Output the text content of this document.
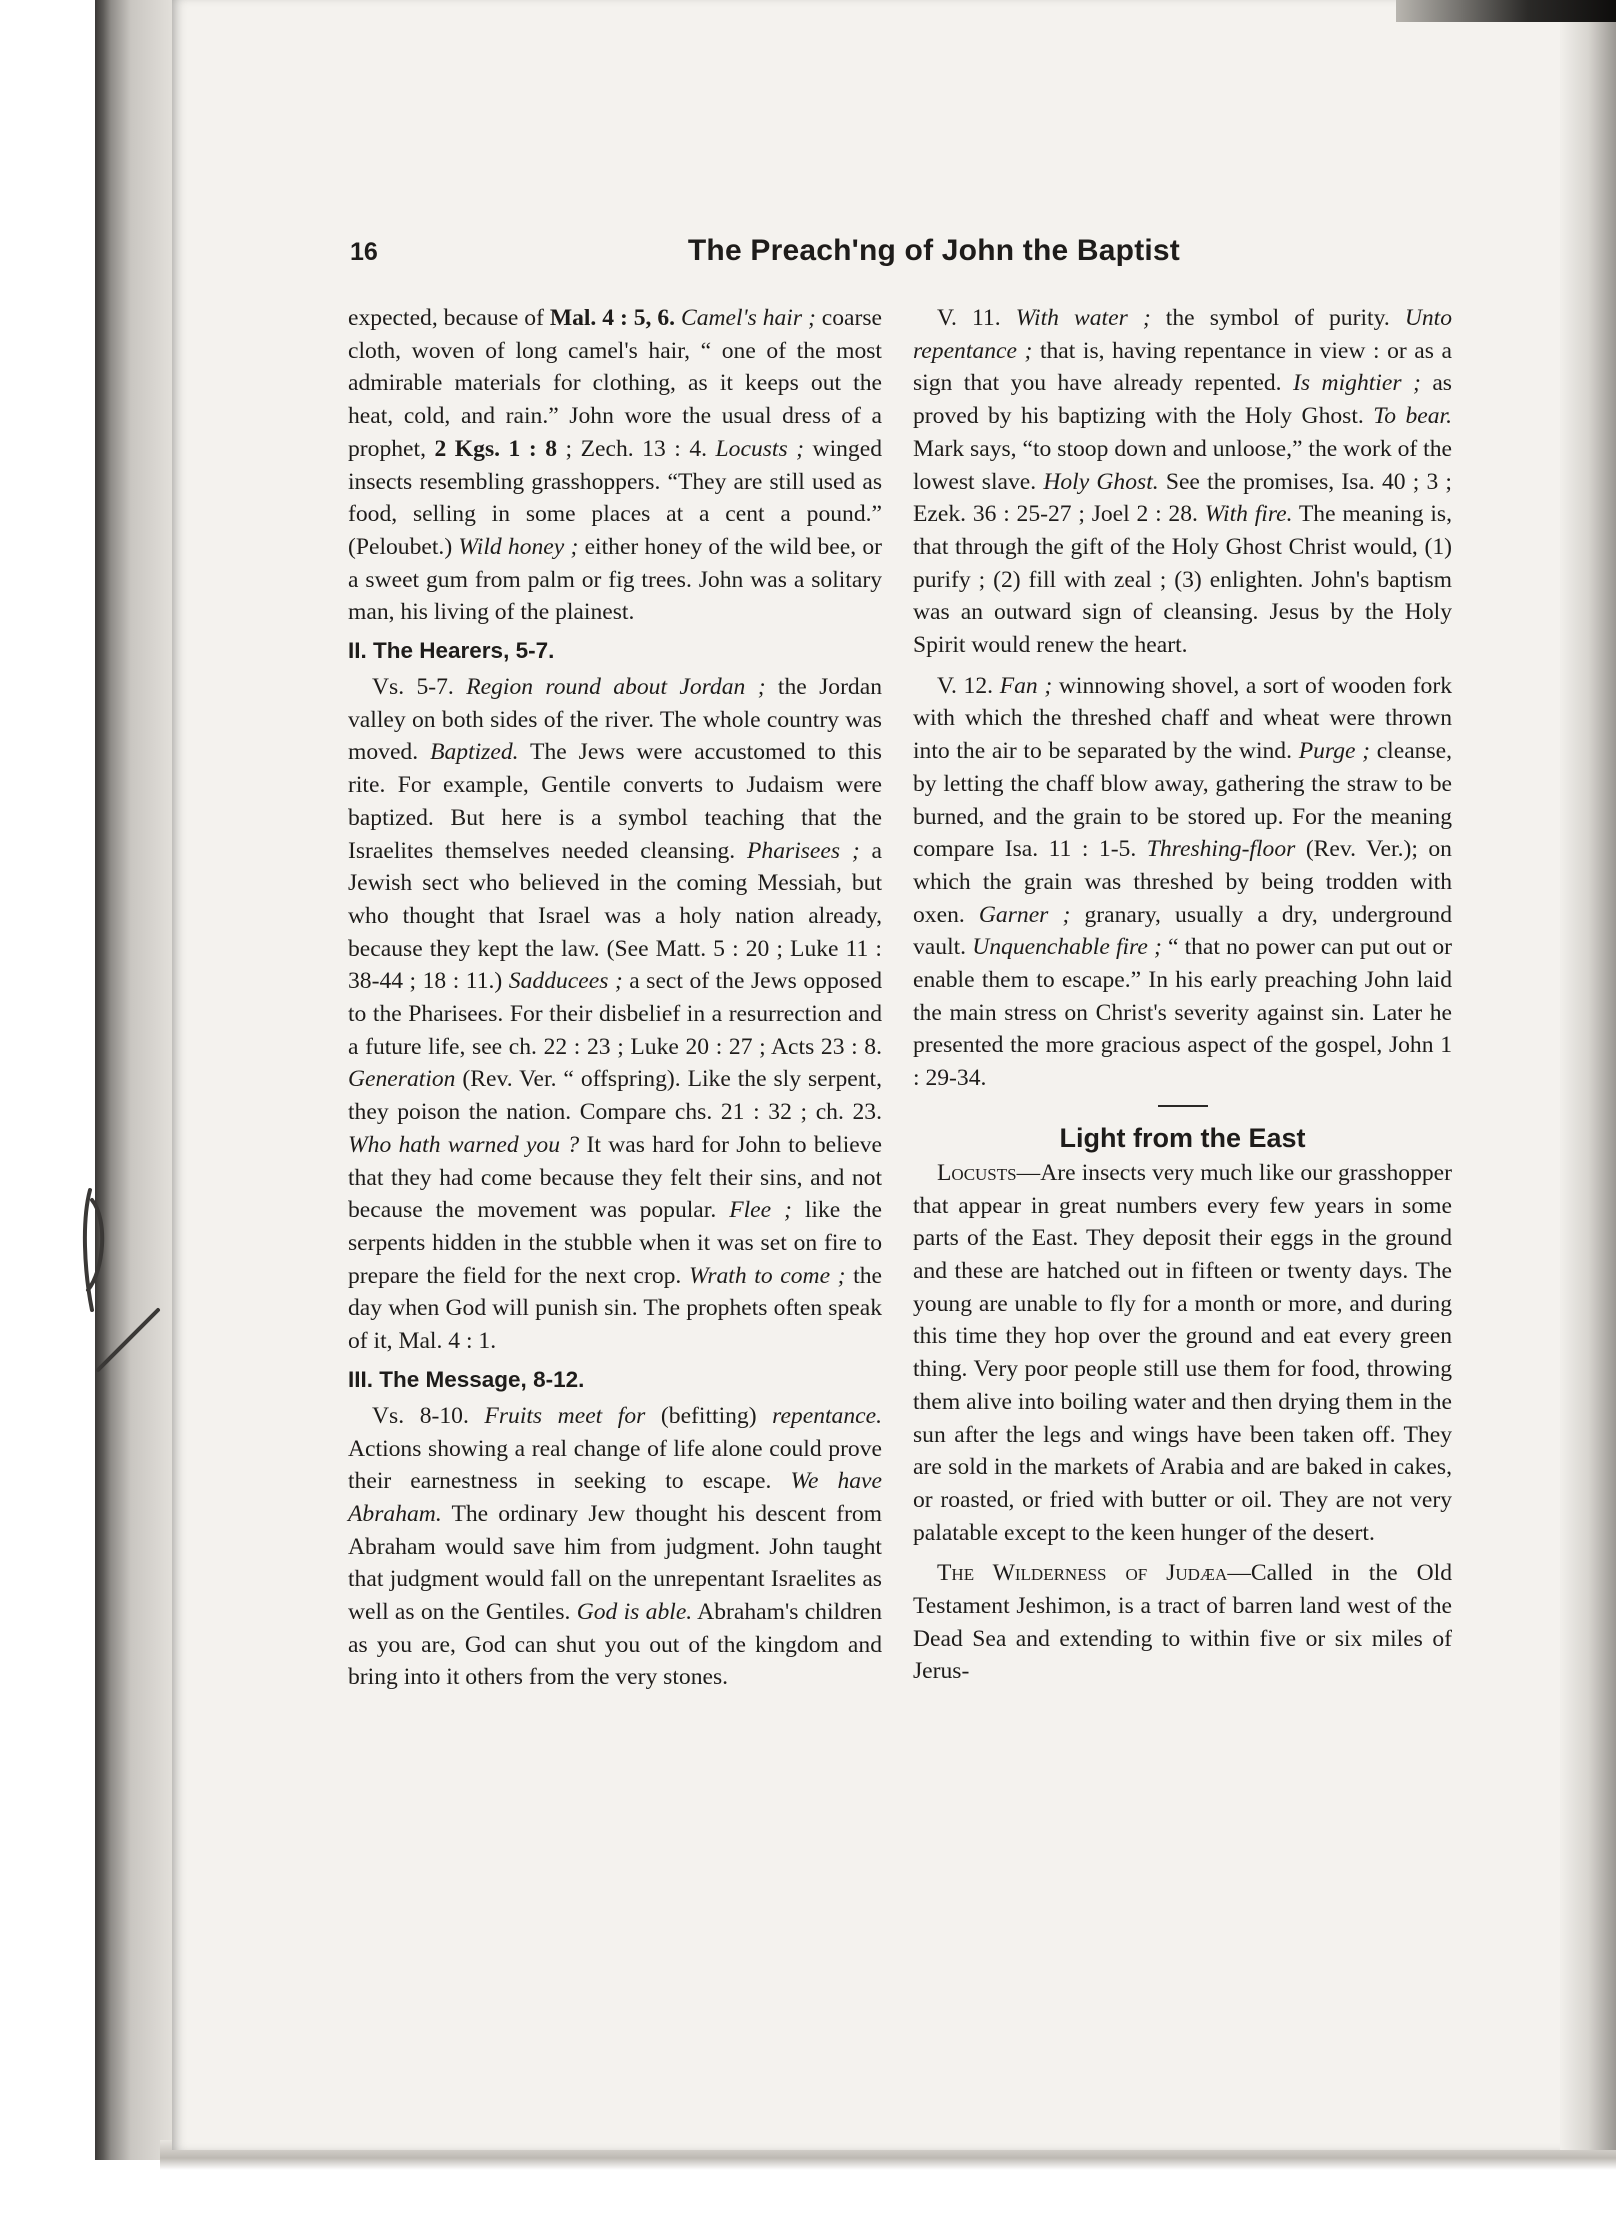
16	The Preach'ng of John the Baptist

expected, because of Mal. 4 : 5, 6. Camel's hair ; coarse cloth, woven of long camel's hair, “ one of the most admirable materials for clothing, as it keeps out the heat, cold, and rain.” John wore the usual dress of a prophet, 2 Kgs. 1 : 8 ; Zech. 13 : 4. Locusts ; winged insects resembling grasshoppers. “They are still used as food, selling in some places at a cent a pound.” (Peloubet.) Wild honey ; either honey of the wild bee, or a sweet gum from palm or fig trees. John was a solitary man, his living of the plainest.

II. The Hearers, 5-7.

Vs. 5-7. Region round about Jordan ; the Jordan valley on both sides of the river. The whole country was moved. Baptized. The Jews were accustomed to this rite. For example, Gentile converts to Judaism were baptized. But here is a symbol teaching that the Israelites themselves needed cleansing. Pharisees ; a Jewish sect who believed in the coming Messiah, but who thought that Israel was a holy nation already, because they kept the law. (See Matt. 5 : 20 ; Luke 11 : 38-44 ; 18 : 11.) Sadducees ; a sect of the Jews opposed to the Pharisees. For their disbelief in a resurrection and a future life, see ch. 22 : 23 ; Luke 20 : 27 ; Acts 23 : 8. Generation (Rev. Ver. “ offspring). Like the sly serpent, they poison the nation. Compare chs. 21 : 32 ; ch. 23. Who hath warned you ? It was hard for John to believe that they had come because they felt their sins, and not because the movement was popular. Flee ; like the serpents hidden in the stubble when it was set on fire to prepare the field for the next crop. Wrath to come ; the day when God will punish sin. The prophets often speak of it, Mal. 4 : 1.

III. The Message, 8-12.

Vs. 8-10. Fruits meet for (befitting) repentance. Actions showing a real change of life alone could prove their earnestness in seeking to escape. We have Abraham. The ordinary Jew thought his descent from Abraham would save him from judgment. John taught that judgment would fall on the unrepentant Israelites as well as on the Gentiles. God is able. Abraham's children as you are, God can shut you out of the kingdom and bring into it others from the very stones.

V. 11. With water ; the symbol of purity. Unto repentance ; that is, having repentance in view : or as a sign that you have already repented. Is mightier ; as proved by his baptizing with the Holy Ghost. To bear. Mark says, “to stoop down and unloose,” the work of the lowest slave. Holy Ghost. See the promises, Isa. 40 ; 3 ; Ezek. 36 : 25-27 ; Joel 2 : 28. With fire. The meaning is, that through the gift of the Holy Ghost Christ would, (1) purify ; (2) fill with zeal ; (3) enlighten. John's baptism was an outward sign of cleansing. Jesus by the Holy Spirit would renew the heart.

V. 12. Fan ; winnowing shovel, a sort of wooden fork with which the threshed chaff and wheat were thrown into the air to be separated by the wind. Purge ; cleanse, by letting the chaff blow away, gathering the straw to be burned, and the grain to be stored up. For the meaning compare Isa. 11 : 1-5. Threshing-floor (Rev. Ver.); on which the grain was threshed by being trodden with oxen. Garner ; granary, usually a dry, underground vault. Unquenchable fire ; “ that no power can put out or enable them to escape.” In his early preaching John laid the main stress on Christ's severity against sin. Later he presented the more gracious aspect of the gospel, John 1 : 29-34.

Light from the East

Locusts—Are insects very much like our grasshopper that appear in great numbers every few years in some parts of the East. They deposit their eggs in the ground and these are hatched out in fifteen or twenty days. The young are unable to fly for a month or more, and during this time they hop over the ground and eat every green thing. Very poor people still use them for food, throwing them alive into boiling water and then drying them in the sun after the legs and wings have been taken off. They are sold in the markets of Arabia and are baked in cakes, or roasted, or fried with butter or oil. They are not very palatable except to the keen hunger of the desert.

The Wilderness of Judæa—Called in the Old Testament Jeshimon, is a tract of barren land west of the Dead Sea and extending to within five or six miles of Jerus-
